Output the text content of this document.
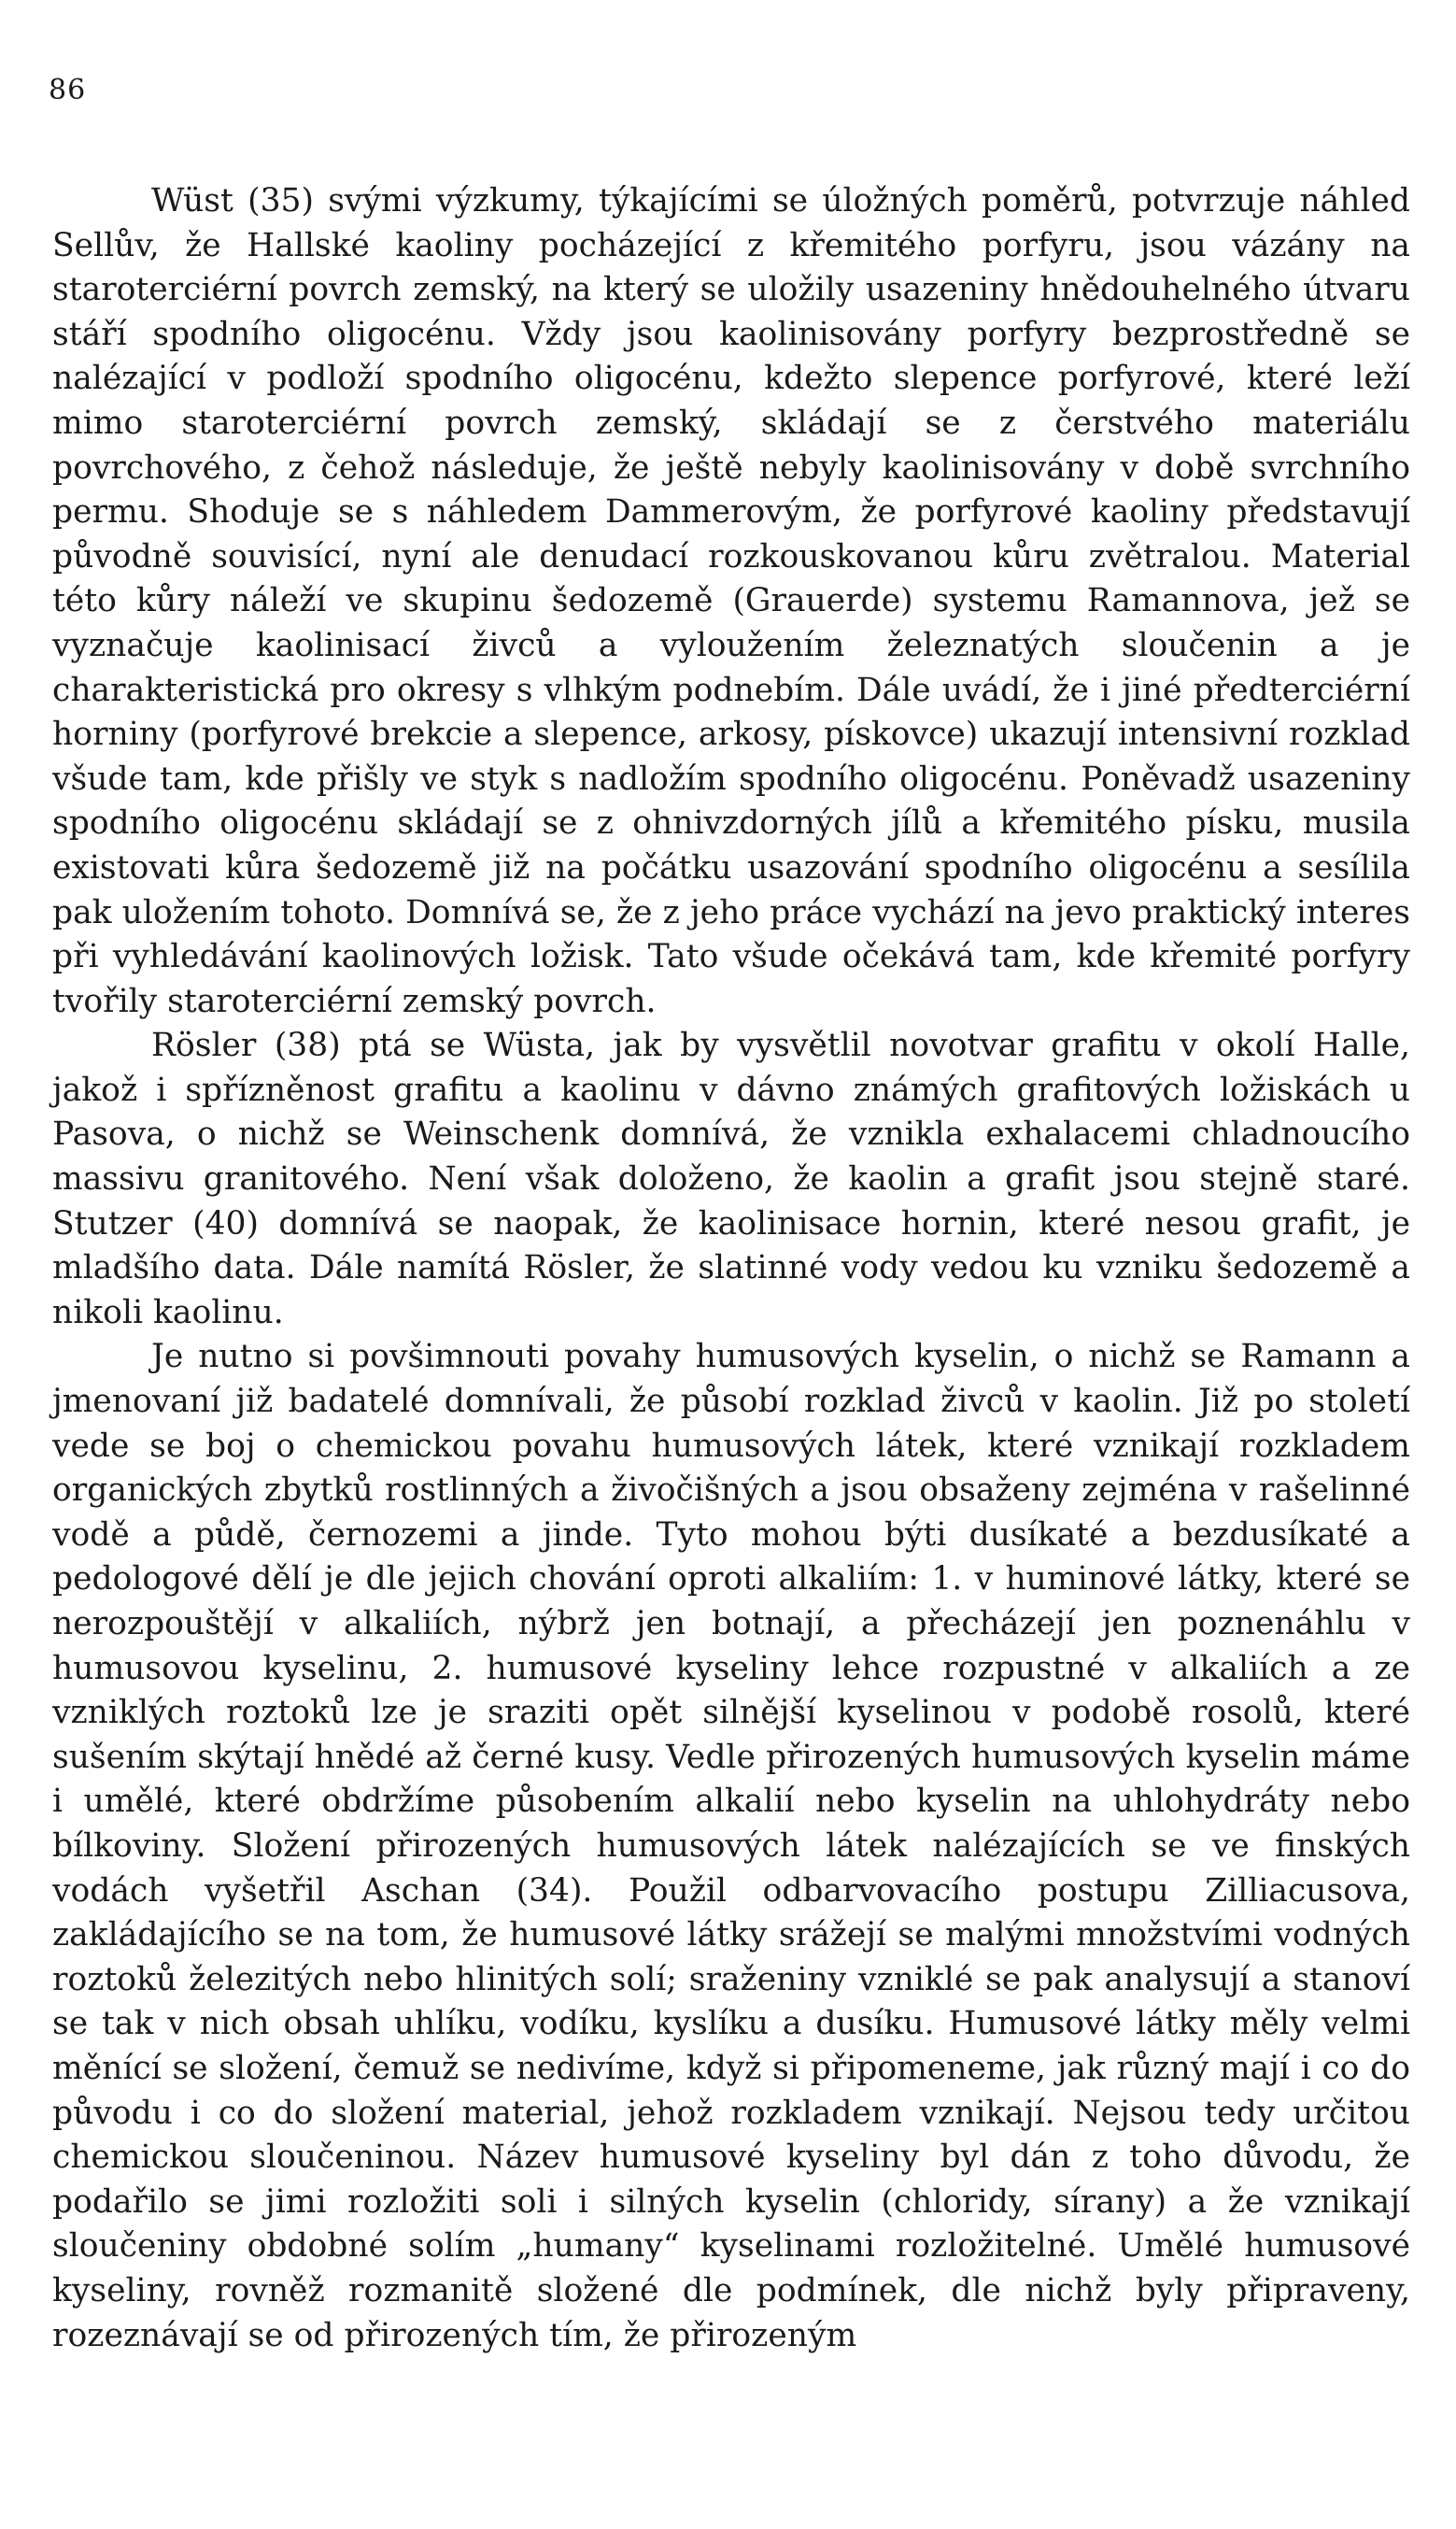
86

Wüst (35) svými výzkumy, týkajícími se úložných poměrů, potvrzuje náhled Sellův, že Hallské kaoliny pocházející z křemitého porfyru, jsou vázány na staroterciérní povrch zemský, na který se uložily usazeniny hnědouhelného útvaru stáří spodního oligocénu. Vždy jsou kaolinisovány porfyry bezprostředně se nalézající v podloží spodního oligocénu, kdežto slepence porfyrové, které leží mimo staroterciérní povrch zemský, skládají se z čerstvého materiálu povrchového, z čehož následuje, že ještě nebyly kaolinisovány v době svrchního permu. Shoduje se s náhledem Dammerovým, že porfyrové kaoliny představují původně souvisící, nyní ale denudací rozkouskovanou kůru zvětralou. Material této kůry náleží ve skupinu šedozemě (Grauerde) systemu Ramannova, jež se vyznačuje kaolinisací živců a vyloužením železnatých sloučenin a je charakteristická pro okresy s vlhkým podnebím. Dále uvádí, že i jiné předterciérní horniny (porfyrové brekcie a slepence, arkosy, pískovce) ukazují intensivní rozklad všude tam, kde přišly ve styk s nadložím spodního oligocénu. Poněvadž usazeniny spodního oligocénu skládají se z ohnivzdorných jílů a křemitého písku, musila existovati kůra šedozemě již na počátku usazování spodního oligocénu a sesílila pak uložením tohoto. Domnívá se, že z jeho práce vychází na jevo praktický interes při vyhledávání kaolinových ložisk. Tato všude očekává tam, kde křemité porfyry tvořily staroterciérní zemský povrch.

Rösler (38) ptá se Wüsta, jak by vysvětlil novotvar grafitu v okolí Halle, jakož i spřízněnost grafitu a kaolinu v dávno známých grafitových ložiskách u Pasova, o nichž se Weinschenk domnívá, že vznikla exhalacemi chladnoucího massivu granitového. Není však doloženo, že kaolin a grafit jsou stejně staré. Stutzer (40) domnívá se naopak, že kaolinisace hornin, které nesou grafit, je mladšího data. Dále namítá Rösler, že slatinné vody vedou ku vzniku šedozemě a nikoli kaolinu.

Je nutno si povšimnouti povahy humusových kyselin, o nichž se Ramann a jmenovaní již badatelé domnívali, že působí rozklad živců v kaolin. Již po století vede se boj o chemickou povahu humusových látek, které vznikají rozkladem organických zbytků rostlinných a živočišných a jsou obsaženy zejména v rašelinné vodě a půdě, černozemi a jinde. Tyto mohou býti dusíkaté a bezdusíkaté a pedologové dělí je dle jejich chování oproti alkaliím: 1. v huminové látky, které se nerozpouštějí v alkaliích, nýbrž jen botnají, a přecházejí jen poznenáhlu v humusovou kyselinu, 2. humusové kyseliny lehce rozpustné v alkaliích a ze vzniklých roztoků lze je sraziti opět silnější kyselinou v podobě rosolů, které sušením skýtají hnědé až černé kusy. Vedle přirozených humusových kyselin máme i umělé, které obdržíme působením alkalií nebo kyselin na uhlohydráty nebo bílkoviny. Složení přirozených humusových látek nalézajících se ve finských vodách vyšetřil Aschan (34). Použil odbarvovacího postupu Zilliacusova, zakládajícího se na tom, že humusové látky srážejí se malými množstvími vodných roztoků železitých nebo hlinitých solí; sraženiny vzniklé se pak analysují a stanoví se tak v nich obsah uhlíku, vodíku, kyslíku a dusíku. Humusové látky měly velmi měnící se složení, čemuž se nedivíme, když si připomeneme, jak různý mají i co do původu i co do složení material, jehož rozkladem vznikají. Nejsou tedy určitou chemickou sloučeninou. Název humusové kyseliny byl dán z toho důvodu, že podařilo se jimi rozložiti soli i silných kyselin (chloridy, sírany) a že vznikají sloučeniny obdobné solím „humany“ kyselinami rozložitelné. Umělé humusové kyseliny, rovněž rozmanitě složené dle podmínek, dle nichž byly připraveny, rozeznávají se od přirozených tím, že přirozeným
